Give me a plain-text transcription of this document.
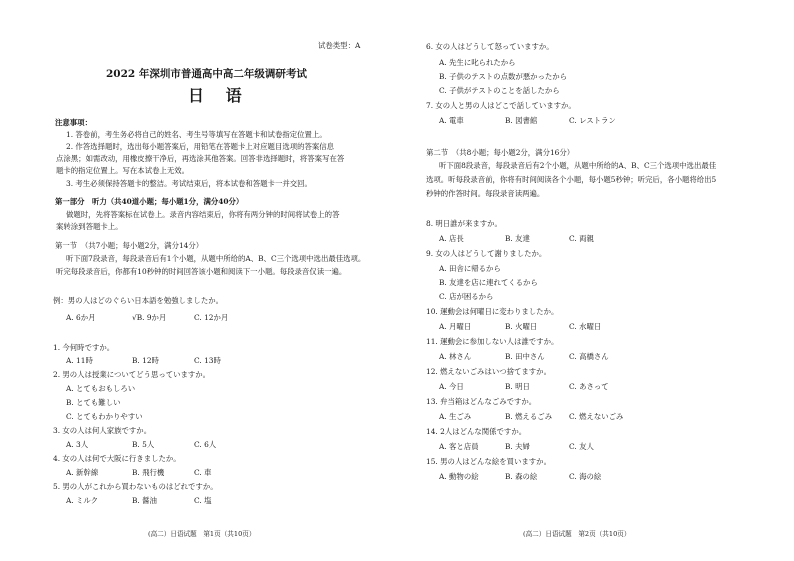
试卷类型：A
2022 年深圳市普通高中高二年级调研考试
日 语
注意事项：
1. 答卷前，考生务必将自己的姓名、考生号等填写在答题卡和试卷指定位置上。
2. 作答选择题时，选出每小题答案后，用铅笔在答题卡上对应题目选项的答案信息
点涂黑；如需改动，用橡皮擦干净后，再选涂其他答案。回答非选择题时，将答案写在答
题卡的指定位置上。写在本试卷上无效。
3. 考生必须保持答题卡的整洁。考试结束后，将本试卷和答题卡一并交回。
第一部分　听力（共40道小题；每小题1分，满分40分）
做题时，先将答案标在试卷上。录音内容结束后，你将有两分钟的时间将试卷上的答
案转涂到答题卡上。
第一节　（共7小题；每小题2分，满分14分）
听下面7段录音，每段录音后有1个小题，从题中所给的A、B、C三个选项中选出最佳选项。
听完每段录音后，你都有10秒钟的时间回答该小题和阅读下一小题。每段录音仅读一遍。
例：男の人はどのぐらい日本語を勉強しましたか。
A. 6か月	√B. 9か月	C. 12か月
1. 今何時ですか。
A. 11時	B. 12時	C. 13時
2. 男の人は授業についてどう思っていますか。
A. とてもおもしろい
B. とても難しい
C. とてもわかりやすい
3. 女の人は何人家族ですか。
A. 3人	B. 5人	C. 6人
4. 女の人は何で大阪に行きましたか。
A. 新幹線	B. 飛行機	C. 車
5. 男の人がこれから買わないものはどれですか。
A. ミルク	B. 醤油	C. 塩
(高二）日语试题　第1页（共10页）
6. 女の人はどうして怒っていますか。
A. 先生に叱られたから
B. 子供のテストの点数が悪かったから
C. 子供がテストのことを話したから
7. 女の人と男の人はどこで話していますか。
A. 電車	B. 図書館	C. レストラン
第二节　（共8小题；每小题2分，满分16分）
听下面8段录音，每段录音后有2个小题，从题中所给的A、B、C三个选项中选出最佳
选项。听每段录音前，你将有时间阅读各个小题，每小题5秒钟；听完后，各小题将给出5
秒钟的作答时间。每段录音读两遍。
8. 明日誰が来ますか。
A. 店長	B. 友達	C. 両親
9. 女の人はどうして謝りましたか。
A. 田舎に帰るから
B. 友達を店に連れてくるから
C. 店が困るから
10. 運動会は何曜日に変わりましたか。
A. 月曜日	B. 火曜日	C. 水曜日
11. 運動会に参加しない人は誰ですか。
A. 林さん	B. 田中さん	C. 高橋さん
12. 燃えないごみはいつ捨てますか。
A. 今日	B. 明日	C. あさって
13. 弁当箱はどんなごみですか。
A. 生ごみ	B. 燃えるごみ C. 燃えないごみ
14. 2人はどんな関係ですか。
A. 客と店員	B. 夫婦	C. 友人
15. 男の人はどんな絵を買いますか。
A. 動物の絵	B. 森の絵	C. 海の絵
(高二）日语试题　第2页（共10页）
